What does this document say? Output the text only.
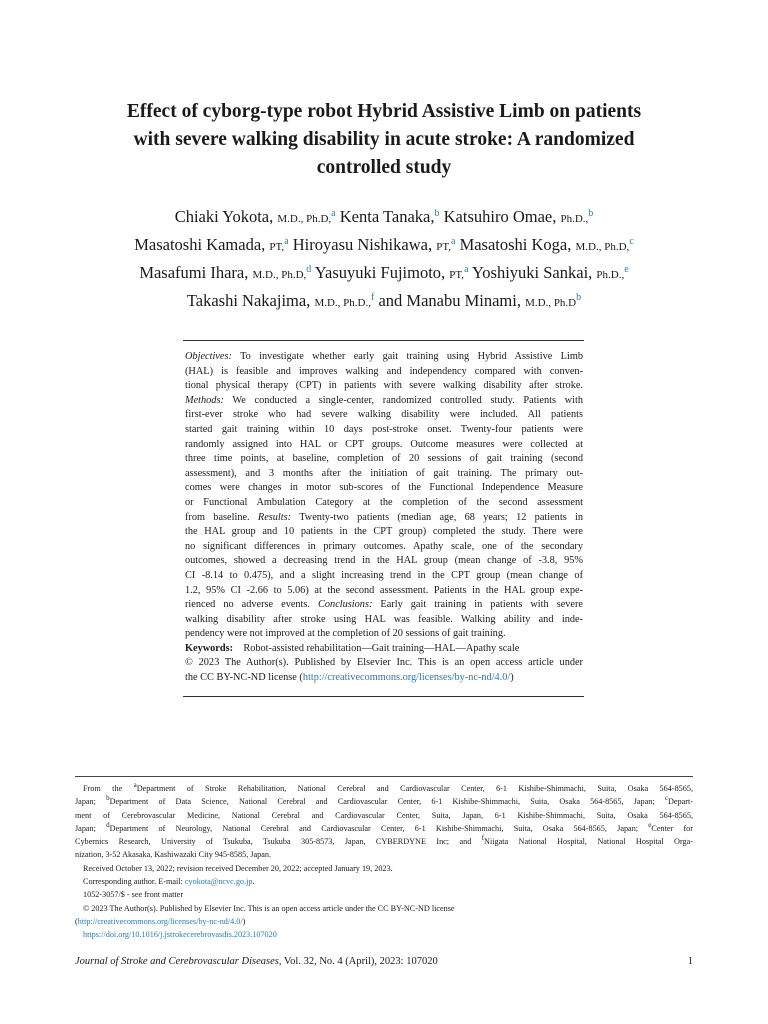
Effect of cyborg-type robot Hybrid Assistive Limb on patients
with severe walking disability in acute stroke: A randomized
controlled study
Chiaki Yokota, M.D., Ph.D,$^a$ Kenta Tanaka,$^b$ Katsuhiro Omae, Ph.D.,$^b$
Masatoshi Kamada, PT,$^a$ Hiroyasu Nishikawa, PT,$^a$ Masatoshi Koga, M.D., Ph.D,$^c$
Masafumi Ihara, M.D., Ph.D,$^d$ Yasuyuki Fujimoto, PT,$^a$ Yoshiyuki Sankai, Ph.D.,$^e$
Takashi Nakajima, M.D., Ph.D.,$^f$ and Manabu Minami, M.D., Ph.D$^b$
Objectives: To investigate whether early gait training using Hybrid Assistive Limb
(HAL) is feasible and improves walking and independency compared with conven-
tional physical therapy (CPT) in patients with severe walking disability after stroke.
Methods: We conducted a single-center, randomized controlled study. Patients with
first-ever stroke who had severe walking disability were included. All patients
started gait training within 10 days post-stroke onset. Twenty-four patients were
randomly assigned into HAL or CPT groups. Outcome measures were collected at
three time points, at baseline, completion of 20 sessions of gait training (second
assessment), and 3 months after the initiation of gait training. The primary out-
comes were changes in motor sub-scores of the Functional Independence Measure
or Functional Ambulation Category at the completion of the second assessment
from baseline. Results: Twenty-two patients (median age, 68 years; 12 patients in
the HAL group and 10 patients in the CPT group) completed the study. There were
no significant differences in primary outcomes. Apathy scale, one of the secondary
outcomes, showed a decreasing trend in the HAL group (mean change of -3.8, 95%
CI -8.14 to 0.475), and a slight increasing trend in the CPT group (mean change of
1.2, 95% CI -2.66 to 5.06) at the second assessment. Patients in the HAL group expe-
rienced no adverse events. Conclusions: Early gait training in patients with severe
walking disability after stroke using HAL was feasible. Walking ability and inde-
pendency were not improved at the completion of 20 sessions of gait training.
Keywords: Robot-assisted rehabilitation—Gait training—HAL—Apathy scale
© 2023 The Author(s). Published by Elsevier Inc. This is an open access article under
the CC BY-NC-ND license (http://creativecommons.org/licenses/by-nc-nd/4.0/)
From the $^a$Department of Stroke Rehabilitation, National Cerebral and Cardiovascular Center, 6-1 Kishibe-Shimmachi, Suita, Osaka 564-8565,
Japan; $^b$Department of Data Science, National Cerebral and Cardiovascular Center, 6-1 Kishibe-Shimmachi, Suita, Osaka 564-8565, Japan; $^c$Depart-
ment of Cerebrovascular Medicine, National Cerebral and Cardiovascular Center, Suita, Japan, 6-1 Kishibe-Shimmachi, Suita, Osaka 564-8565,
Japan; $^d$Department of Neurology, National Cerebral and Cardiovascular Center, 6-1 Kishibe-Shimmachi, Suita, Osaka 564-8565, Japan; $^e$Center for
Cybernics Research, University of Tsukuba, Tsukuba 305-8573, Japan, CYBERDYNE Inc; and $^f$Niigata National Hospital, National Hospital Orga-
nization, 3-52 Akasaka, Kashiwazaki City 945-8585, Japan.
Received October 13, 2022; revision received December 20, 2022; accepted January 19, 2023.
Corresponding author. E-mail: cyokota@ncvc.go.jp.
1052-3057/$ - see front matter
© 2023 The Author(s). Published by Elsevier Inc. This is an open access article under the CC BY-NC-ND license
(http://creativecommons.org/licenses/by-nc-nd/4.0/)
https://doi.org/10.1016/j.jstrokecerebrovasdis.2023.107020
Journal of Stroke and Cerebrovascular Diseases, Vol. 32, No. 4 (April), 2023: 107020	1
